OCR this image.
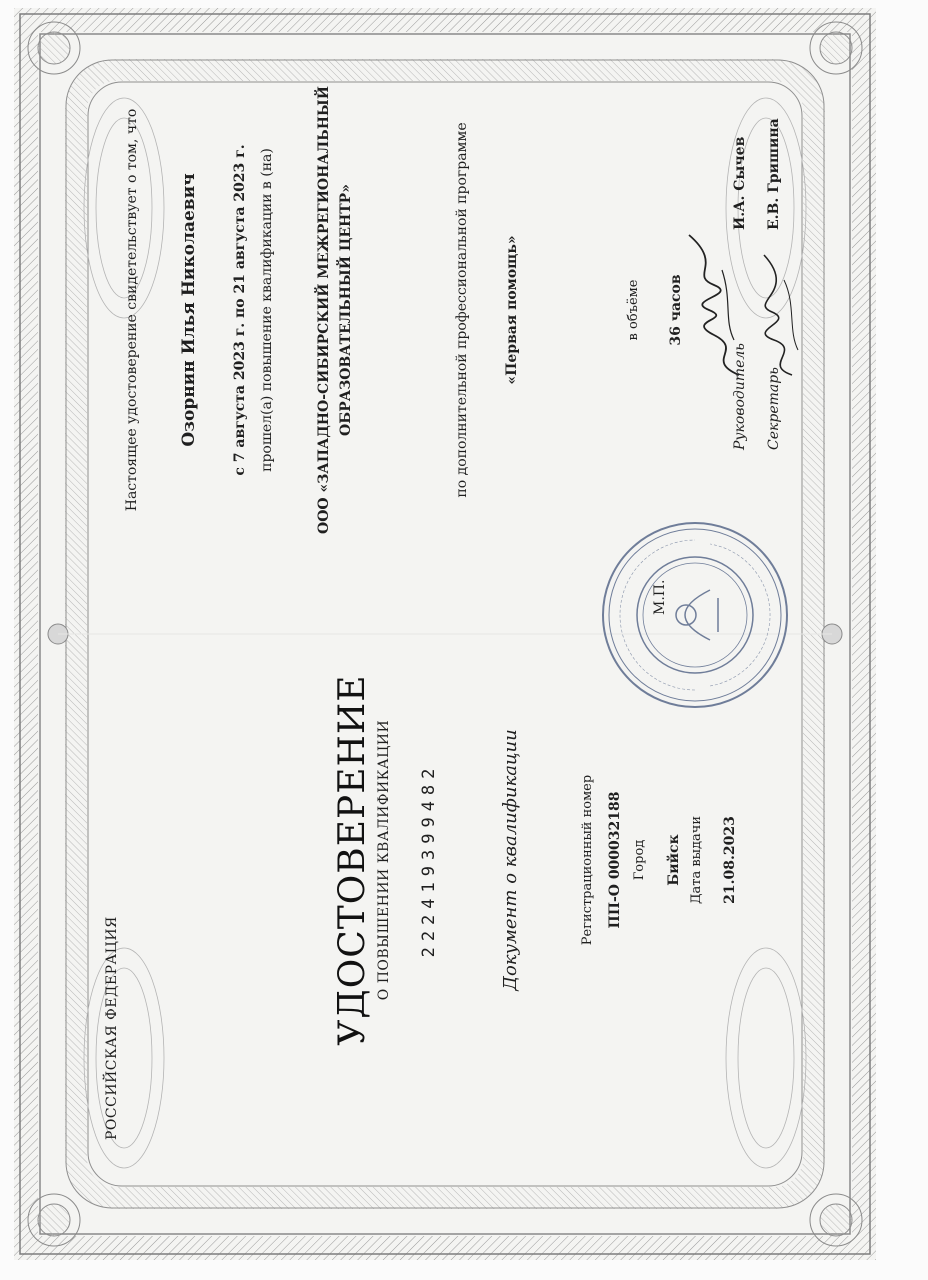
РОССИЙСКАЯ ФЕДЕРАЦИЯ	УДОСТОВЕРЕНИЕ О ПОВЫШЕНИИ КВАЛИФИКАЦИИ 222419399482	Документ о квалификации	Регистрационный номер ПП-О 000032188 Город Бийск Дата выдачи 21.08.2023
Настоящее удостоверение свидетельствует о том, что Озорнин Илья Николаевич с 7 августа 2023 г. по 21 августа 2023 г. прошел(а) повышение квалификации в (на)	ООО «ЗАПАДНО-СИБИРСКИЙ МЕЖРЕГИОНАЛЬНЫЙ ОБРАЗОВАТЕЛЬНЫЙ ЦЕНТР»	по дополнительной профессиональной программе «Первая помощь»	в объёме 36 часов
М.П.
Руководитель
И.А. Сычев
Секретарь
Е.В. Гришина
